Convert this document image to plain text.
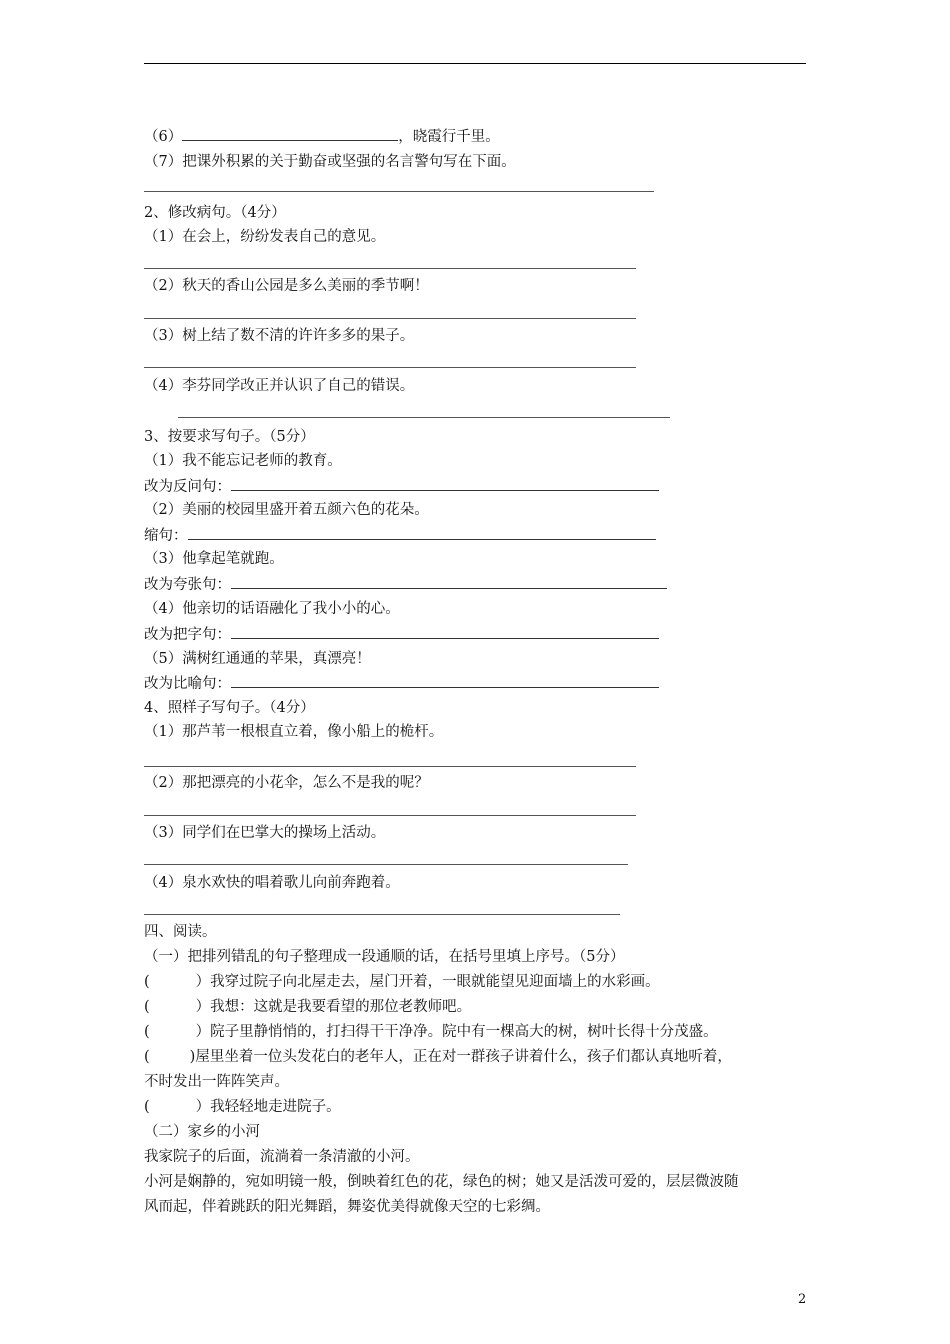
（6）	，晓霞行千里。
（7）把课外积累的关于勤奋或坚强的名言警句写在下面。
2、修改病句。（4分）
（1）在会上，纷纷发表自己的意见。
（2）秋天的香山公园是多么美丽的季节啊！
（3）树上结了数不清的许许多多的果子。
（4）李芬同学改正并认识了自己的错误。
3、按要求写句子。（5分）
（1）我不能忘记老师的教育。
改为反问句：
（2）美丽的校园里盛开着五颜六色的花朵。
缩句：
（3）他拿起笔就跑。
改为夸张句：
（4）他亲切的话语融化了我小小的心。
改为把字句：
（5）满树红通通的苹果，真漂亮！
改为比喻句：
4、照样子写句子。（4分）
（1）那芦苇一根根直立着，像小船上的桅杆。
（2）那把漂亮的小花伞，怎么不是我的呢？
（3）同学们在巴掌大的操场上活动。
（4）泉水欢快的唱着歌儿向前奔跑着。
四、阅读。
（一）把排列错乱的句子整理成一段通顺的话，在括号里填上序号。（5分）
(	）我穿过院子向北屋走去，屋门开着，一眼就能望见迎面墙上的水彩画。
(	）我想：这就是我要看望的那位老教师吧。
(	）院子里静悄悄的，打扫得干干净净。院中有一棵高大的树，树叶长得十分茂盛。
(	)屋里坐着一位头发花白的老年人，正在对一群孩子讲着什么，孩子们都认真地听着，
不时发出一阵阵笑声。
(	）我轻轻地走进院子。
（二）家乡的小河
我家院子的后面，流淌着一条清澈的小河。
小河是娴静的，宛如明镜一般，倒映着红色的花，绿色的树；她又是活泼可爱的，层层微波随
风而起，伴着跳跃的阳光舞蹈，舞姿优美得就像天空的七彩绸。
2
